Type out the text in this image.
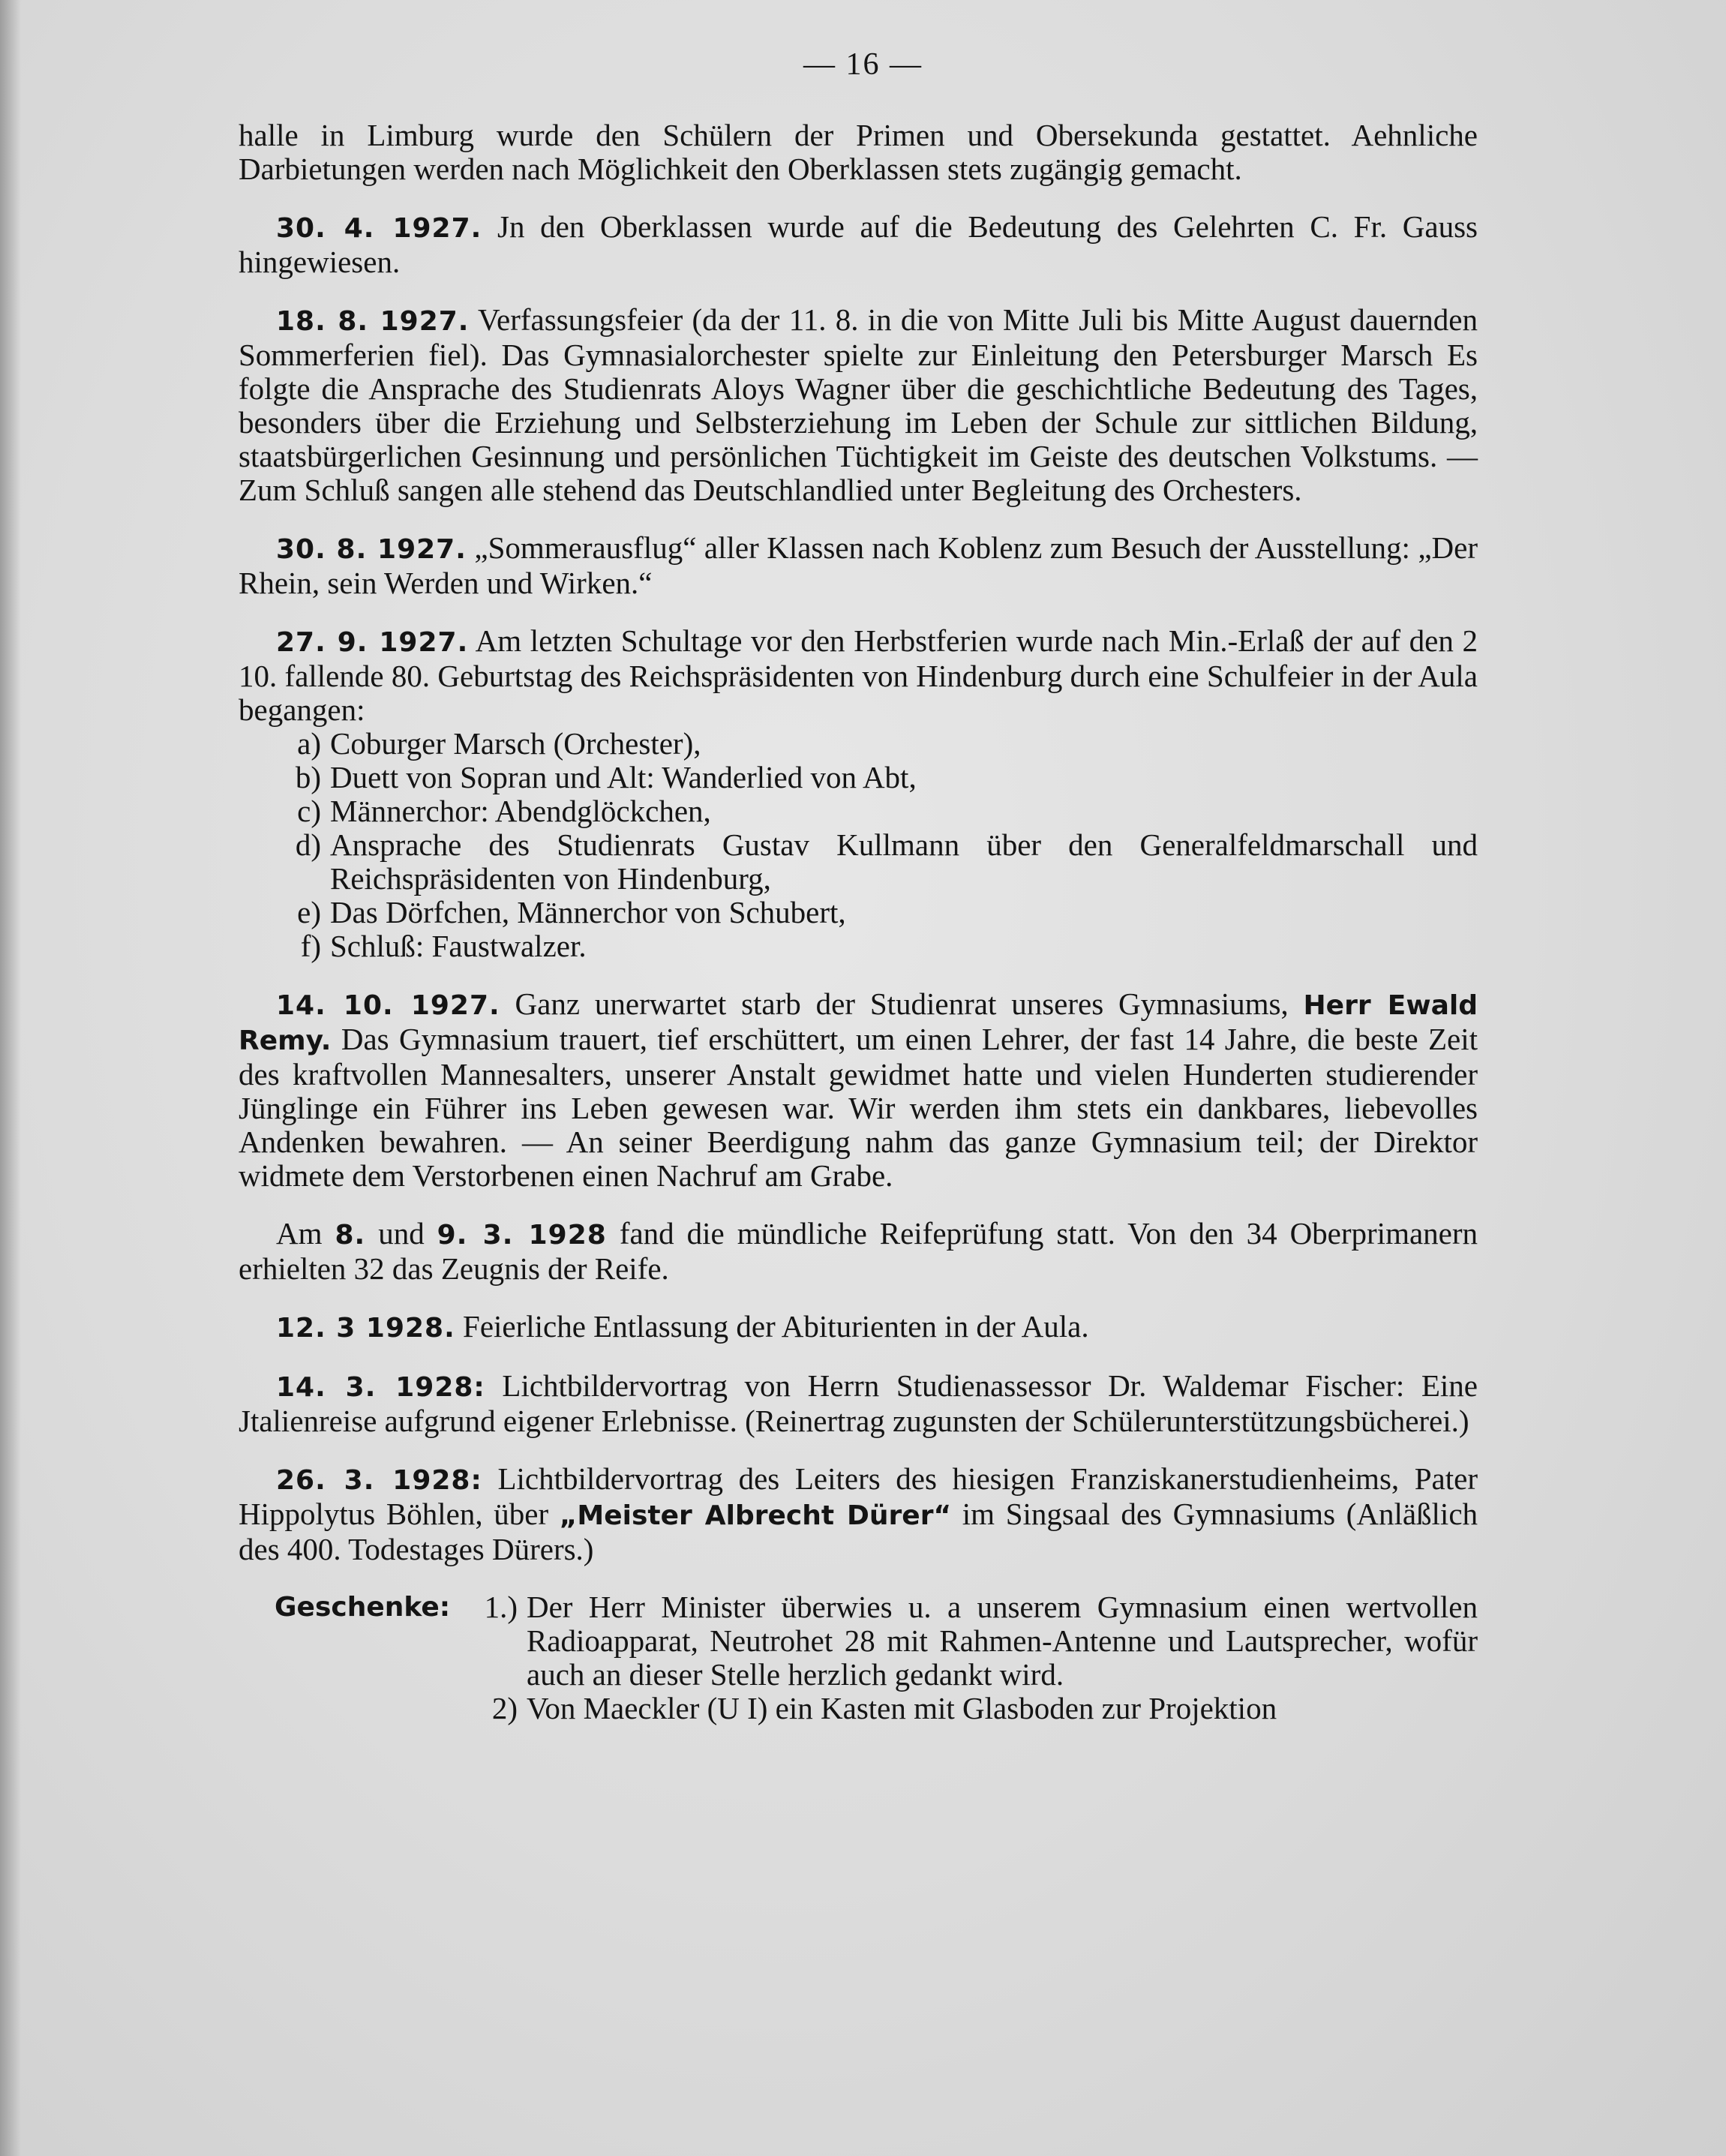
— 16 —

halle in Limburg wurde den Schülern der Primen und Obersekunda gestattet. Aehnliche Darbietungen werden nach Möglichkeit den Oberklassen stets zugängig gemacht.

30. 4. 1927. Jn den Oberklassen wurde auf die Bedeutung des Gelehrten C. Fr. Gauss hingewiesen.

18. 8. 1927. Verfassungsfeier (da der 11. 8. in die von Mitte Juli bis Mitte August dauernden Sommerferien fiel). Das Gymnasialorchester spielte zur Einleitung den Petersburger Marsch Es folgte die Ansprache des Studienrats Aloys Wagner über die geschichtliche Bedeutung des Tages, besonders über die Erziehung und Selbsterziehung im Leben der Schule zur sittlichen Bildung, staatsbürgerlichen Gesinnung und persönlichen Tüchtigkeit im Geiste des deutschen Volkstums. — Zum Schluß sangen alle stehend das Deutschlandlied unter Begleitung des Orchesters.

30. 8. 1927. „Sommerausflug“ aller Klassen nach Koblenz zum Besuch der Ausstellung: „Der Rhein, sein Werden und Wirken.“

27. 9. 1927. Am letzten Schultage vor den Herbstferien wurde nach Min.-Erlaß der auf den 2 10. fallende 80. Geburtstag des Reichspräsidenten von Hindenburg durch eine Schulfeier in der Aula begangen:

a) Coburger Marsch (Orchester),
b) Duett von Sopran und Alt: Wanderlied von Abt,
c) Männerchor: Abendglöckchen,
d) Ansprache des Studienrats Gustav Kullmann über den Generalfeldmarschall und Reichspräsidenten von Hindenburg,
e) Das Dörfchen, Männerchor von Schubert,
f) Schluß: Faustwalzer.

14. 10. 1927. Ganz unerwartet starb der Studienrat unseres Gymnasiums, Herr Ewald Remy. Das Gymnasium trauert, tief erschüttert, um einen Lehrer, der fast 14 Jahre, die beste Zeit des kraftvollen Mannesalters, unserer Anstalt gewidmet hatte und vielen Hunderten studierender Jünglinge ein Führer ins Leben gewesen war. Wir werden ihm stets ein dankbares, liebevolles Andenken bewahren. — An seiner Beerdigung nahm das ganze Gymnasium teil; der Direktor widmete dem Verstorbenen einen Nachruf am Grabe.

Am 8. und 9. 3. 1928 fand die mündliche Reifeprüfung statt. Von den 34 Oberprimanern erhielten 32 das Zeugnis der Reife.

12. 3 1928. Feierliche Entlassung der Abiturienten in der Aula.

14. 3. 1928: Lichtbildervortrag von Herrn Studienassessor Dr. Waldemar Fischer: Eine Jtalienreise aufgrund eigener Erlebnisse. (Reinertrag zugunsten der Schülerunterstützungsbücherei.)

26. 3. 1928: Lichtbildervortrag des Leiters des hiesigen Franziskanerstudienheims, Pater Hippolytus Böhlen, über „Meister Albrecht Dürer“ im Singsaal des Gymnasiums (Anläßlich des 400. Todestages Dürers.)

Geschenke:	1.) Der Herr Minister überwies u. a unserem Gymnasium einen wertvollen Radioapparat, Neutrohet 28 mit Rahmen-Antenne und Lautsprecher, wofür auch an dieser Stelle herzlich gedankt wird.
2) Von Maeckler (U I) ein Kasten mit Glasboden zur Projektion
